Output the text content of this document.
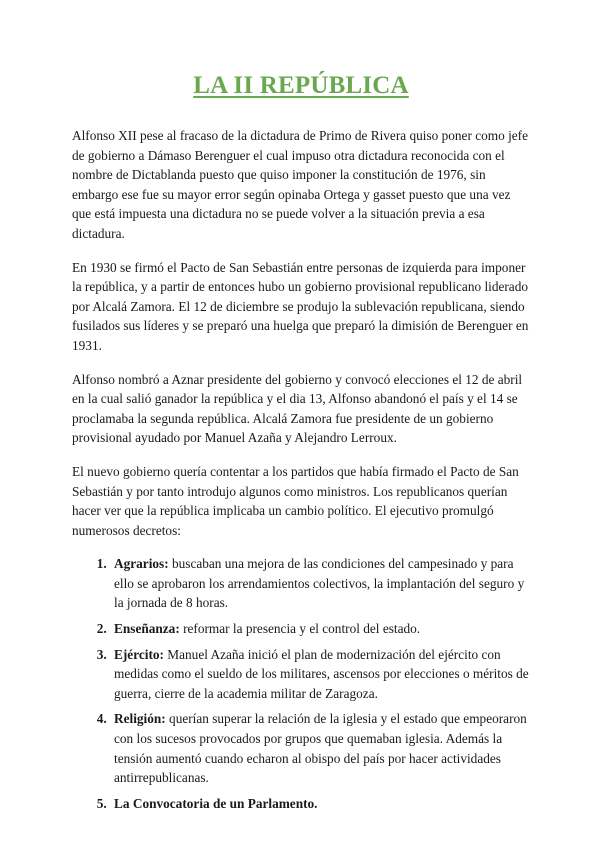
LA II REPÚBLICA

Alfonso XII pese al fracaso de la dictadura de Primo de Rivera quiso poner como jefe de gobierno a Dámaso Berenguer el cual impuso otra dictadura reconocida con el nombre de Dictablanda puesto que quiso imponer la constitución de 1976, sin embargo ese fue su mayor error según opinaba Ortega y gasset puesto que una vez que está impuesta una dictadura no se puede volver a la situación previa a esa dictadura.

En 1930 se firmó el Pacto de San Sebastián entre personas de izquierda para imponer la república, y a partir de entonces hubo un gobierno provisional republicano liderado por Alcalá Zamora. El 12 de diciembre se produjo la sublevación republicana, siendo fusilados sus líderes y se preparó una huelga que preparó la dimisión de Berenguer en 1931.

Alfonso nombró a Aznar presidente del gobierno y convocó elecciones el 12 de abril en la cual salió ganador la república y el dia 13, Alfonso abandonó el país y el 14 se proclamaba la segunda república. Alcalá Zamora fue presidente de un gobierno provisional ayudado por Manuel Azaña y Alejandro Lerroux.

El nuevo gobierno quería contentar a los partidos que había firmado el Pacto de San Sebastián y por tanto introdujo algunos como ministros. Los republicanos querían hacer ver que la república implicaba un cambio político. El ejecutivo promulgó numerosos decretos:

1. Agrarios: buscaban una mejora de las condiciones del campesinado y para ello se aprobaron los arrendamientos colectivos, la implantación del seguro y la jornada de 8 horas.
2. Enseñanza: reformar la presencia y el control del estado.
3. Ejército: Manuel Azaña inició el plan de modernización del ejército con medidas como el sueldo de los militares, ascensos por elecciones o méritos de guerra, cierre de la academia militar de Zaragoza.
4. Religión: querían superar la relación de la iglesia y el estado que empeoraron con los sucesos provocados por grupos que quemaban iglesia. Además la tensión aumentó cuando echaron al obispo del país por hacer actividades antirrepublicanas.
5. La Convocatoria de un Parlamento.
